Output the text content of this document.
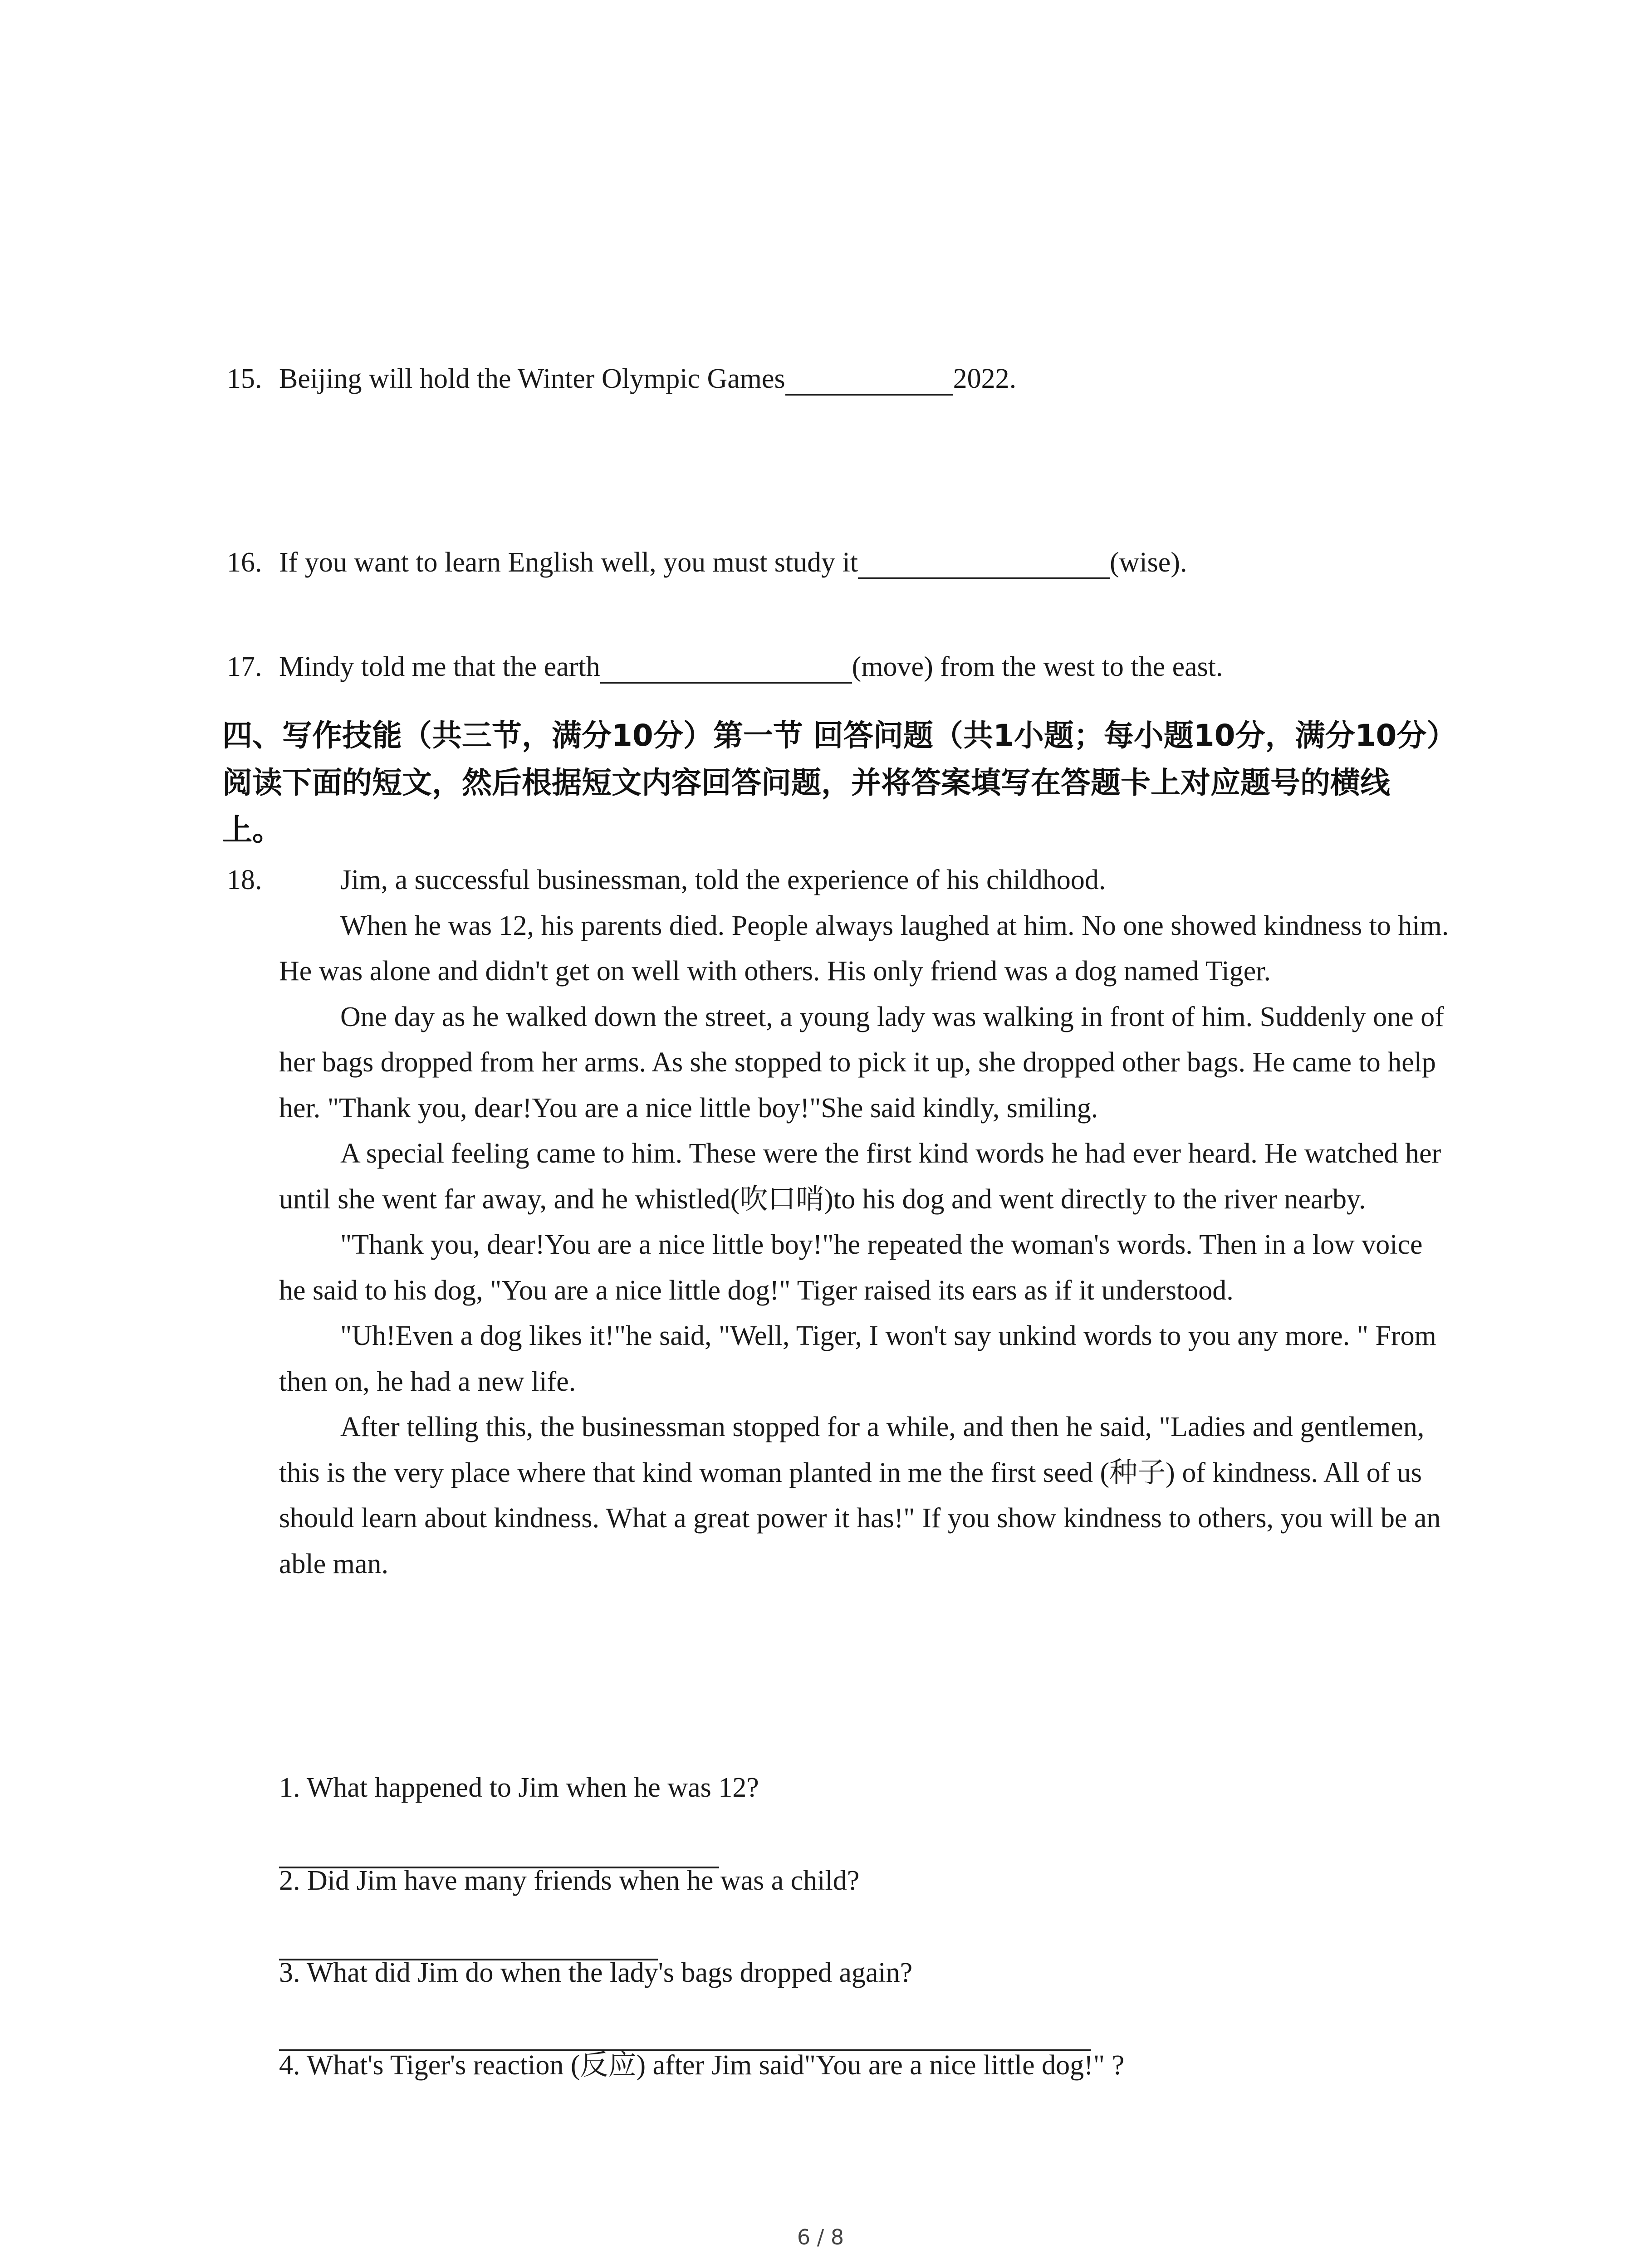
15. Beijing will hold the Winter Olympic Games	2022.
16. If you want to learn English well, you must study it	(wise).
17. Mindy told me that the earth	(move) from the west to the east.
四、写作技能（共三节，满分10分）第一节 回答问题（共1小题；每小题10分，满分10分）阅读下面的短文，然后根据短文内容回答问题，并将答案填写在答题卡上对应题号的横线上。
18.	Jim, a successful businessman, told the experience of his childhood.

When he was 12, his parents died. People always laughed at him. No one showed kindness to him. He was alone and didn't get on well with others. His only friend was a dog named Tiger.

One day as he walked down the street, a young lady was walking in front of him. Suddenly one of her bags dropped from her arms. As she stopped to pick it up, she dropped other bags. He came to help her. "Thank you, dear!You are a nice little boy!"She said kindly, smiling.

A special feeling came to him. These were the first kind words he had ever heard. He watched her until she went far away, and he whistled(吹口哨)to his dog and went directly to the river nearby.

"Thank you, dear!You are a nice little boy!"he repeated the woman's words. Then in a low voice he said to his dog, "You are a nice little dog!" Tiger raised its ears as if it understood.

"Uh!Even a dog likes it!"he said, "Well, Tiger, I won't say unkind words to you any more. " From then on, he had a new life.

After telling this, the businessman stopped for a while, and then he said, "Ladies and gentlemen, this is the very place where that kind woman planted in me the first seed (种子) of kindness. All of us should learn about kindness. What a great power it has!" If you show kindness to others, you will be an able man.

1. What happened to Jim when he was 12?
2. Did Jim have many friends when he was a child?
3. What did Jim do when the lady's bags dropped again?
4. What's Tiger's reaction (反应) after Jim said"You are a nice little dog!" ?
6 / 8
